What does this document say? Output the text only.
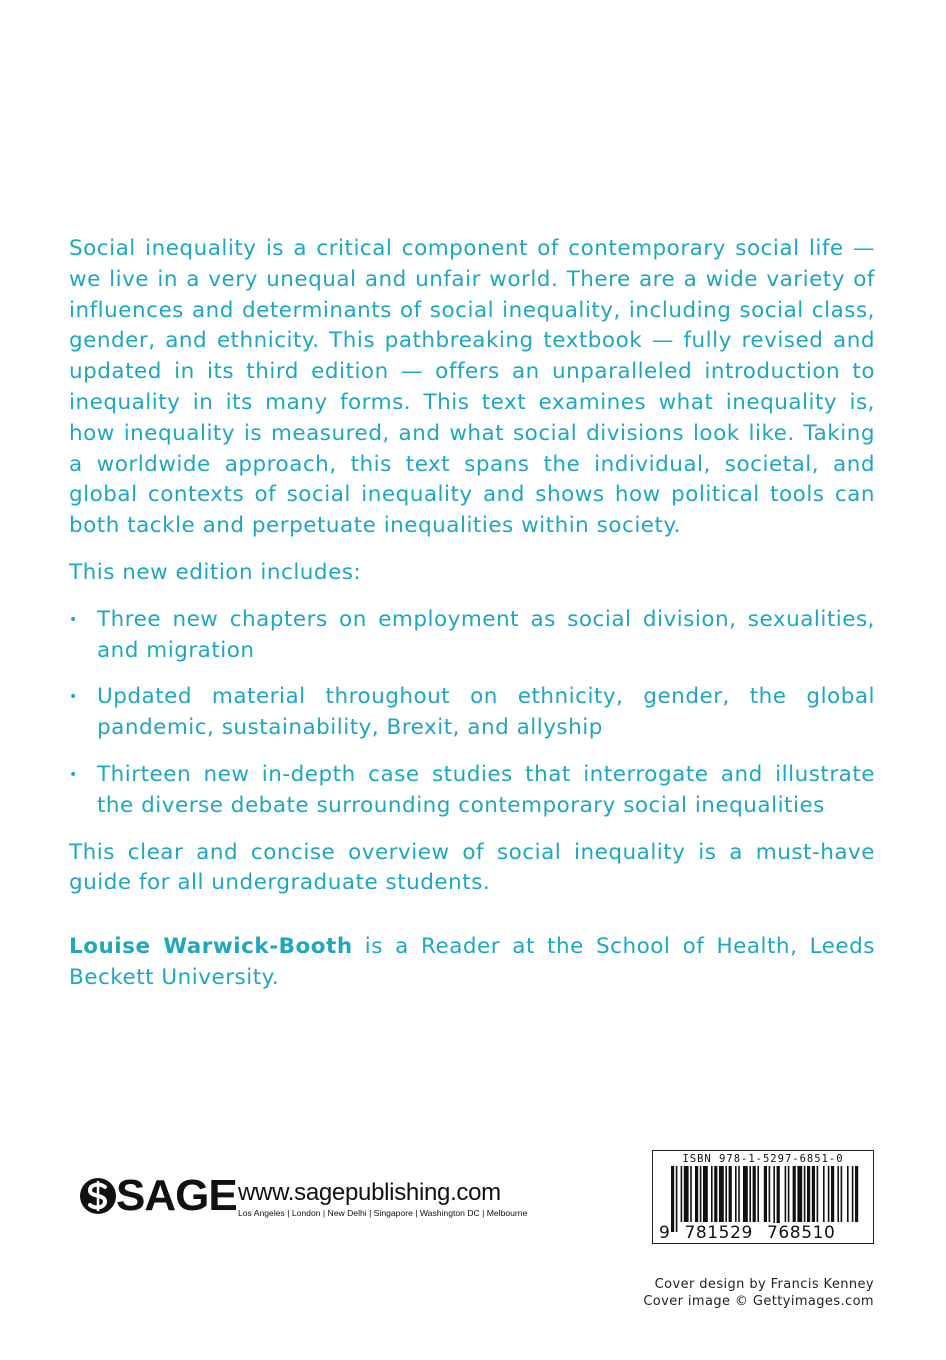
Social inequality is a critical component of contemporary social life — we live in a very unequal and unfair world. There are a wide variety of influences and determinants of social inequality, including social class, gender, and ethnicity. This pathbreaking textbook — fully revised and updated in its third edition — offers an unparalleled introduction to inequality in its many forms. This text examines what inequality is, how inequality is measured, and what social divisions look like. Taking a worldwide approach, this text spans the individual, societal, and global contexts of social inequality and shows how political tools can both tackle and perpetuate inequalities within society.

This new edition includes:

• Three new chapters on employment as social division, sexualities, and migration
• Updated material throughout on ethnicity, gender, the global pandemic, sustainability, Brexit, and allyship
• Thirteen new in-depth case studies that interrogate and illustrate the diverse debate surrounding contemporary social inequalities

This clear and concise overview of social inequality is a must-have guide for all undergraduate students.

Louise Warwick-Booth is a Reader at the School of Health, Leeds Beckett University.

SAGE www.sagepublishing.com
Los Angeles | London | New Delhi | Singapore | Washington DC | Melbourne
ISBN 978-1-5297-6851-0
9 781529 768510
Cover design by Francis Kenney
Cover image © Gettyimages.com
